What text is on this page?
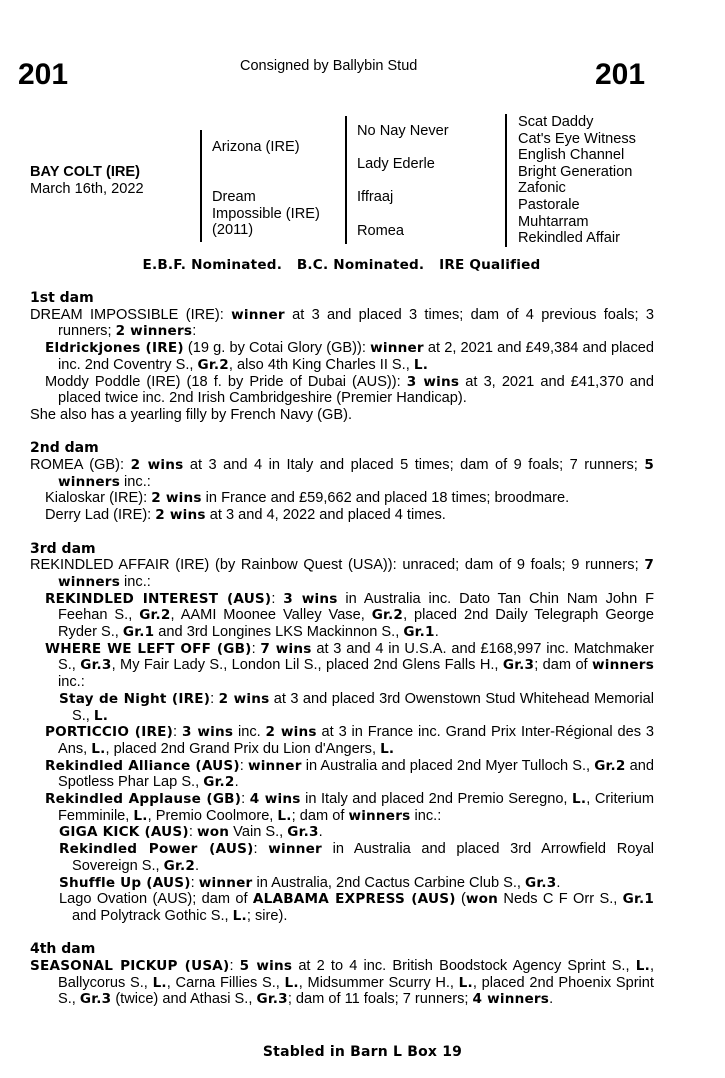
201	Consigned by Ballybin Stud	201
BAY COLT (IRE)
March 16th, 2022
Arizona (IRE)
Dream
Impossible (IRE)
(2011)
No Nay Never
Lady Ederle
Iffraaj
Romea
Scat Daddy
Cat's Eye Witness
English Channel
Bright Generation
Zafonic
Pastorale
Muhtarram
Rekindled Affair
E.B.F. Nominated.   B.C. Nominated.   IRE Qualified
1st dam
DREAM IMPOSSIBLE (IRE): winner at 3 and placed 3 times; dam of 4 previous foals; 3 runners; 2 winners:
Eldrickjones (IRE) (19 g. by Cotai Glory (GB)): winner at 2, 2021 and £49,384 and placed inc. 2nd Coventry S., Gr.2, also 4th King Charles II S., L.
Moddy Poddle (IRE) (18 f. by Pride of Dubai (AUS)): 3 wins at 3, 2021 and £41,370 and placed twice inc. 2nd Irish Cambridgeshire (Premier Handicap).
She also has a yearling filly by French Navy (GB).
2nd dam
ROMEA (GB): 2 wins at 3 and 4 in Italy and placed 5 times; dam of 9 foals; 7 runners; 5 winners inc.:
Kialoskar (IRE): 2 wins in France and £59,662 and placed 18 times; broodmare.
Derry Lad (IRE): 2 wins at 3 and 4, 2022 and placed 4 times.
3rd dam
REKINDLED AFFAIR (IRE) (by Rainbow Quest (USA)): unraced; dam of 9 foals; 9 runners; 7 winners inc.:
REKINDLED INTEREST (AUS): 3 wins in Australia inc. Dato Tan Chin Nam John F Feehan S., Gr.2, AAMI Moonee Valley Vase, Gr.2, placed 2nd Daily Telegraph George Ryder S., Gr.1 and 3rd Longines LKS Mackinnon S., Gr.1.
WHERE WE LEFT OFF (GB): 7 wins at 3 and 4 in U.S.A. and £168,997 inc. Matchmaker S., Gr.3, My Fair Lady S., London Lil S., placed 2nd Glens Falls H., Gr.3; dam of winners inc.:
Stay de Night (IRE): 2 wins at 3 and placed 3rd Owenstown Stud Whitehead Memorial S., L.
PORTICCIO (IRE): 3 wins inc. 2 wins at 3 in France inc. Grand Prix Inter-Régional des 3 Ans, L., placed 2nd Grand Prix du Lion d'Angers, L.
Rekindled Alliance (AUS): winner in Australia and placed 2nd Myer Tulloch S., Gr.2 and Spotless Phar Lap S., Gr.2.
Rekindled Applause (GB): 4 wins in Italy and placed 2nd Premio Seregno, L., Criterium Femminile, L., Premio Coolmore, L.; dam of winners inc.:
GIGA KICK (AUS): won Vain S., Gr.3.
Rekindled Power (AUS): winner in Australia and placed 3rd Arrowfield Royal Sovereign S., Gr.2.
Shuffle Up (AUS): winner in Australia, 2nd Cactus Carbine Club S., Gr.3.
Lago Ovation (AUS); dam of ALABAMA EXPRESS (AUS) (won Neds C F Orr S., Gr.1 and Polytrack Gothic S., L.; sire).
4th dam
SEASONAL PICKUP (USA): 5 wins at 2 to 4 inc. British Boodstock Agency Sprint S., L., Ballycorus S., L., Carna Fillies S., L., Midsummer Scurry H., L., placed 2nd Phoenix Sprint S., Gr.3 (twice) and Athasi S., Gr.3; dam of 11 foals; 7 runners; 4 winners.
Stabled in Barn L Box 19
